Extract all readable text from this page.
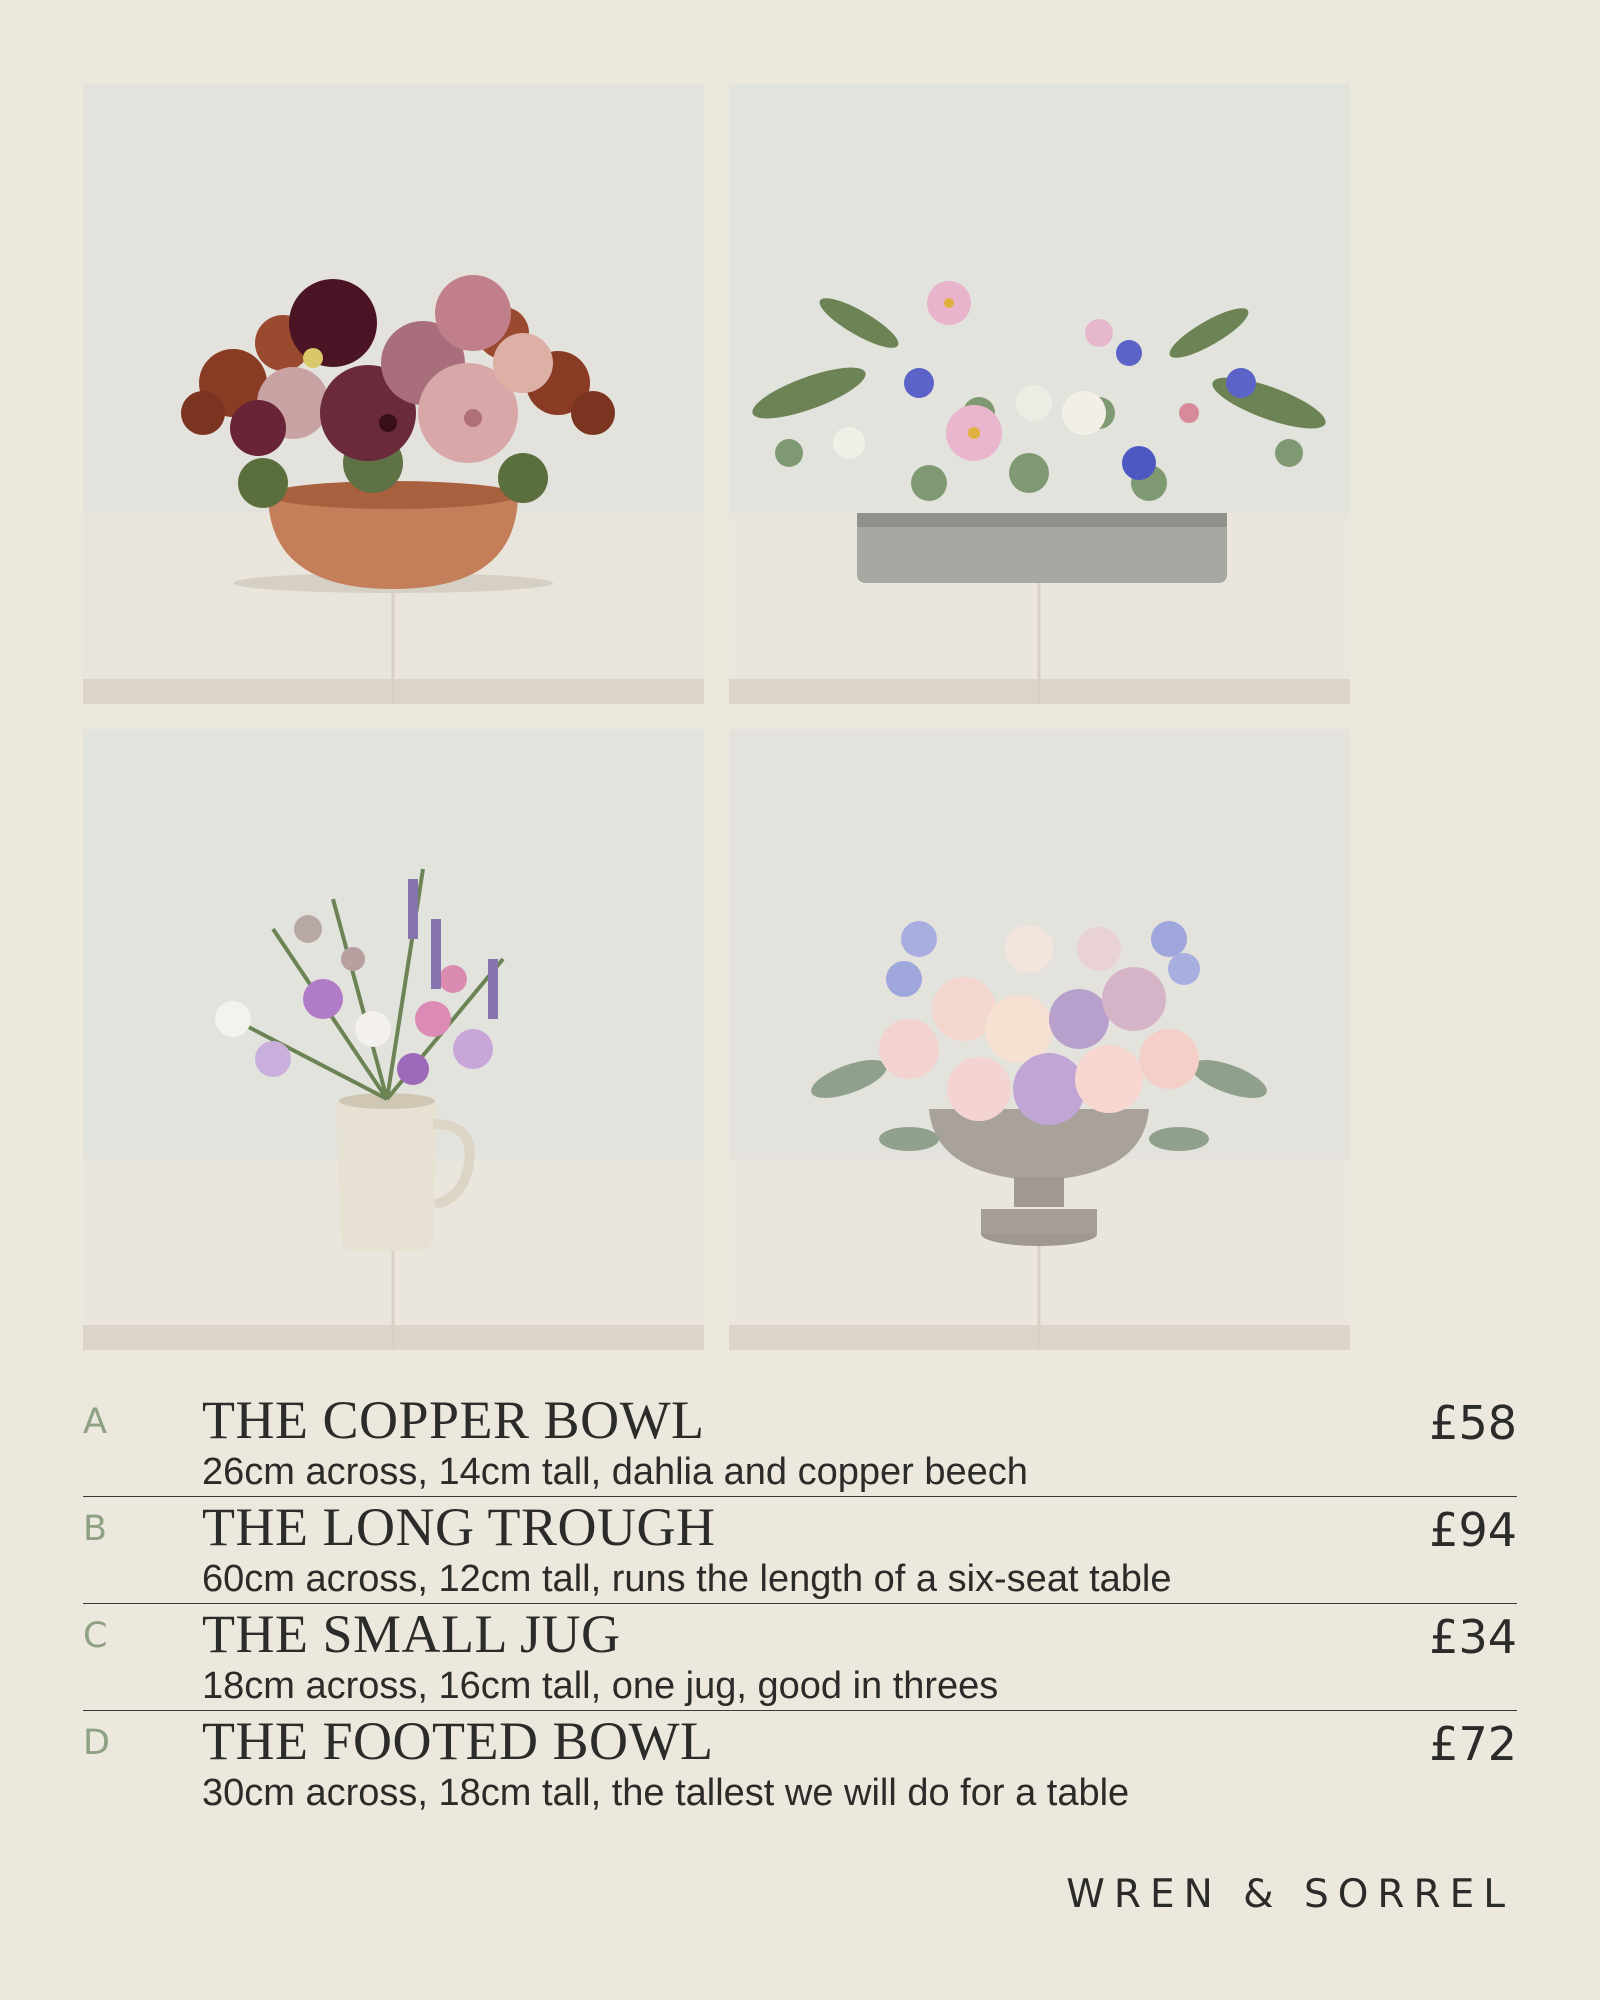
A THE COPPER BOWL
26cm across, 14cm tall, dahlia and copper beech
£58
B THE LONG TROUGH
60cm across, 12cm tall, runs the length of a six-seat table
£94
C THE SMALL JUG
18cm across, 16cm tall, one jug, good in threes
£34
D THE FOOTED BOWL
30cm across, 18cm tall, the tallest we will do for a table
£72
WREN & SORREL
